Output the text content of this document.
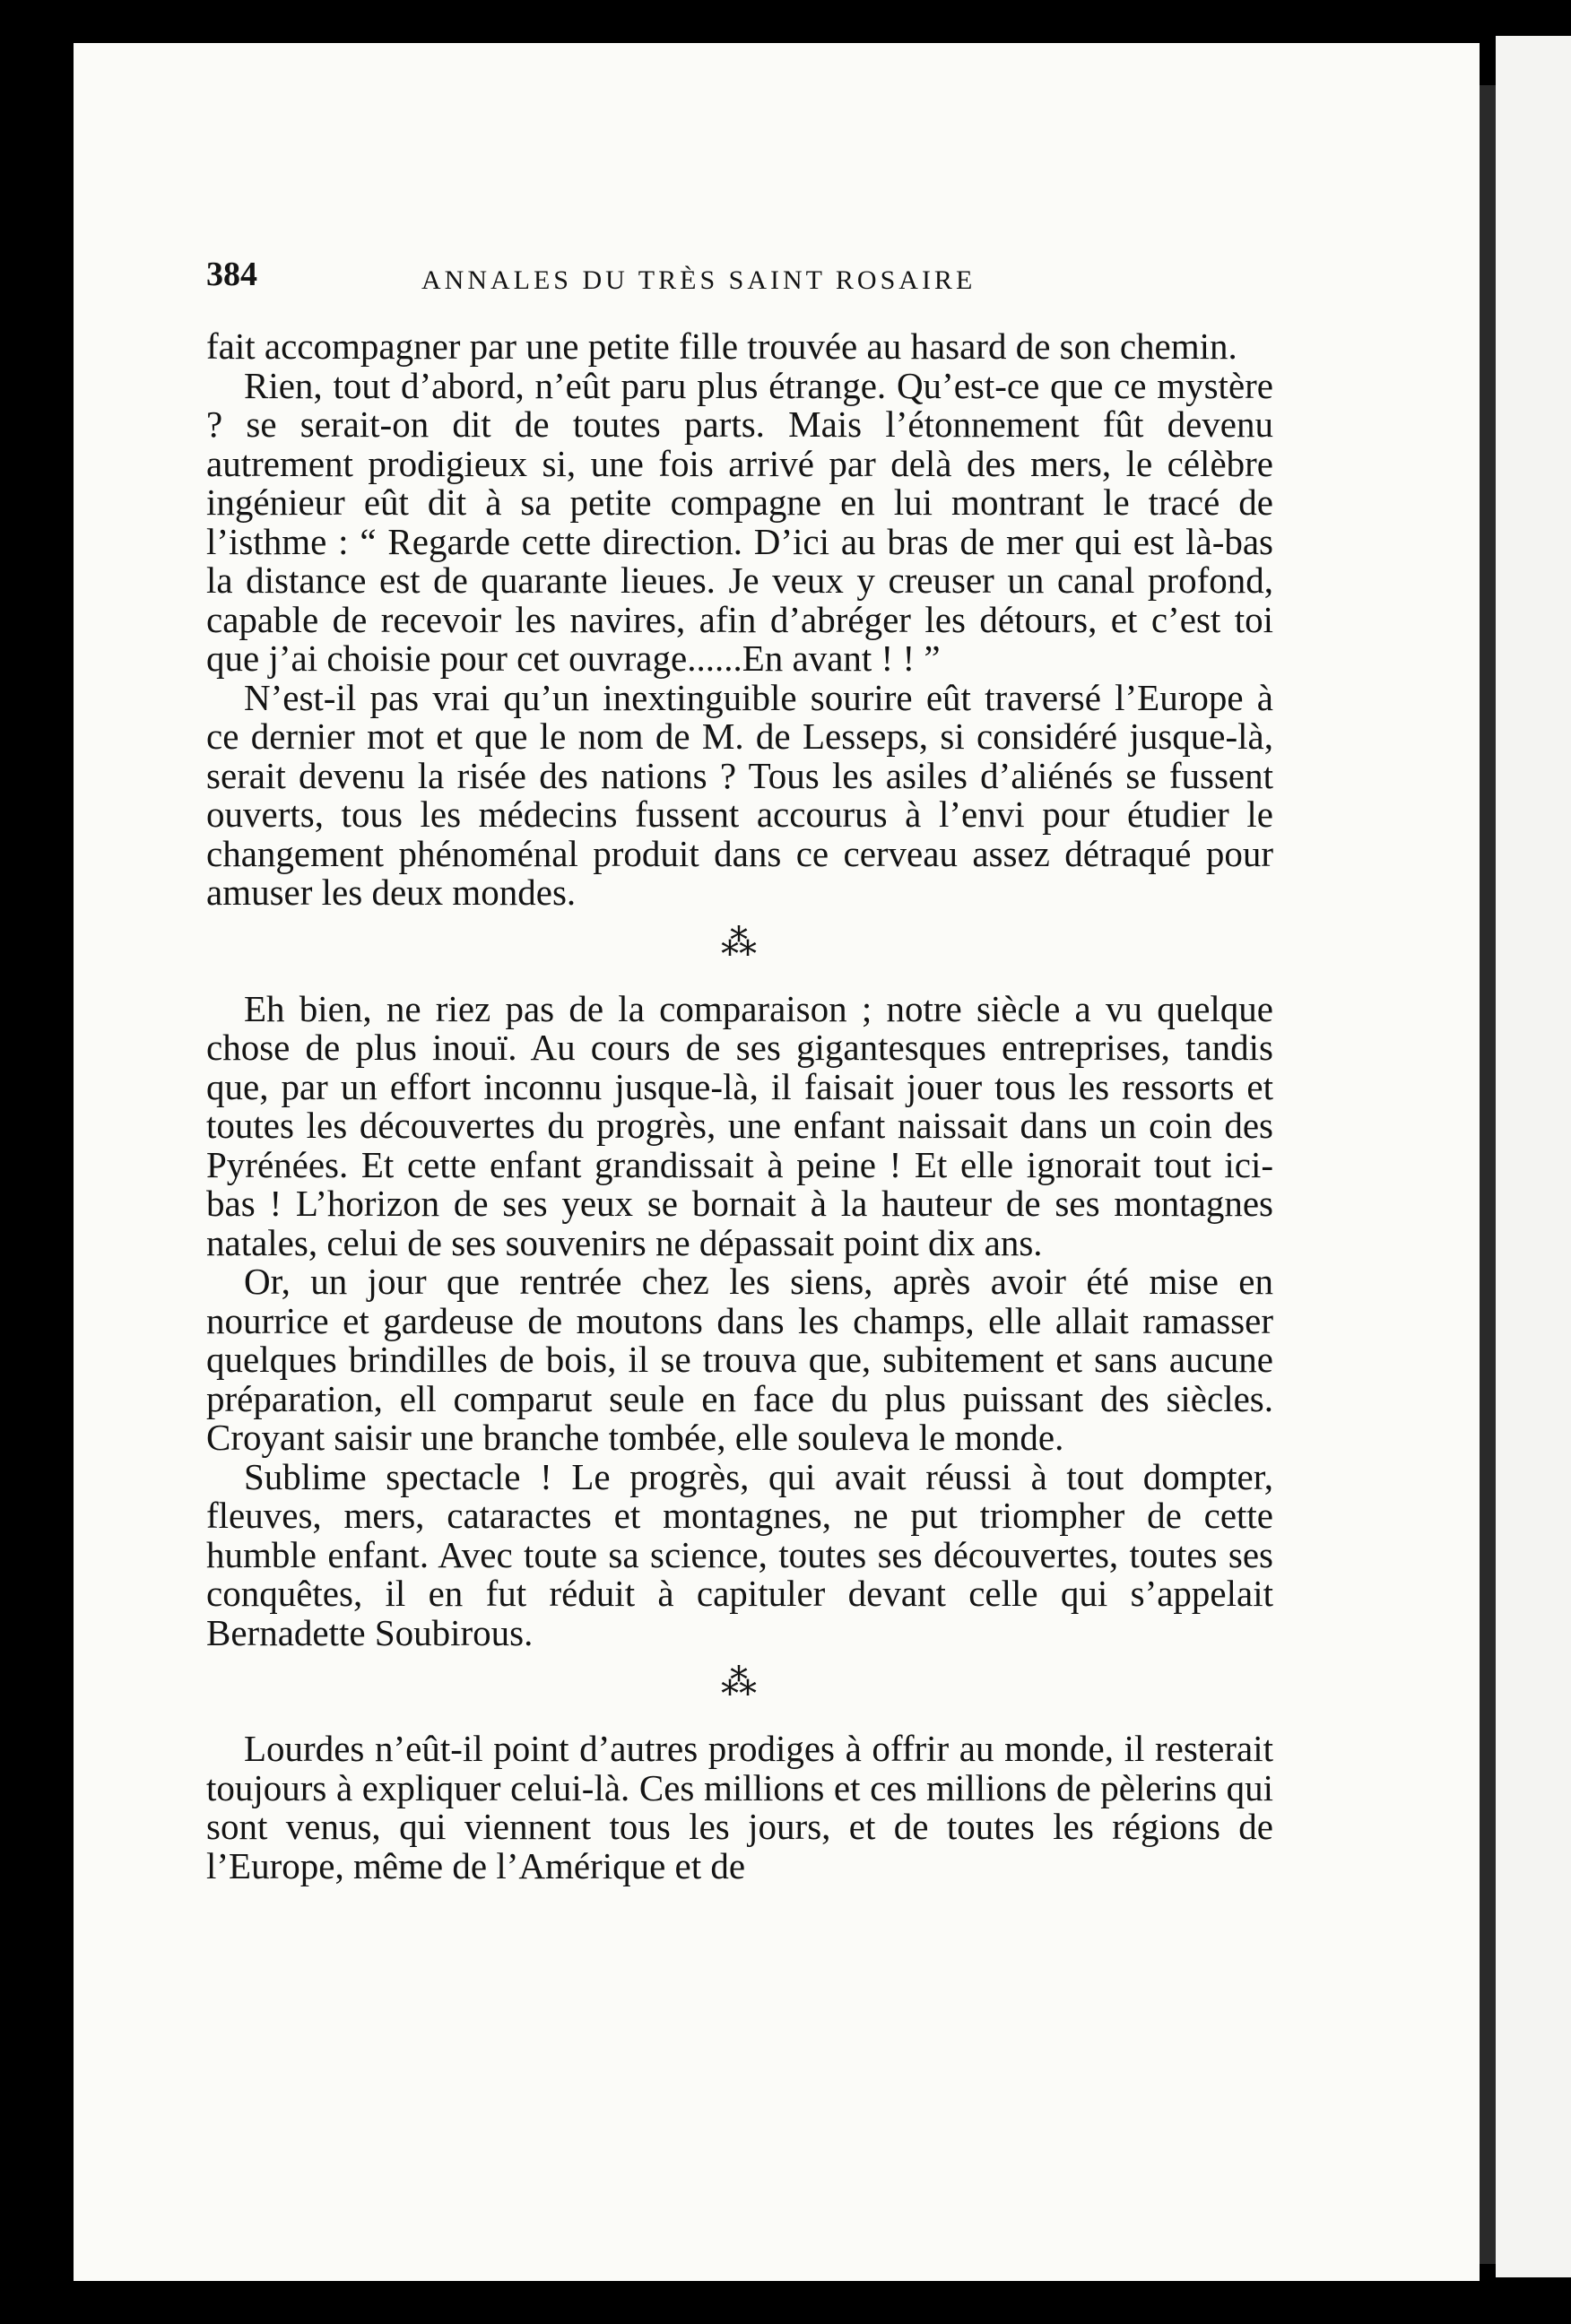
384	ANNALES DU TRÈS SAINT ROSAIRE

fait accompagner par une petite fille trouvée au hasard de son chemin.

Rien, tout d’abord, n’eût paru plus étrange. Qu’est-ce que ce mystère ? se serait-on dit de toutes parts. Mais l’étonnement fût devenu autrement prodigieux si, une fois arrivé par delà des mers, le célèbre ingénieur eût dit à sa petite compagne en lui montrant le tracé de l’isthme : “ Regarde cette direction. D’ici au bras de mer qui est là-bas la distance est de quarante lieues. Je veux y creuser un canal profond, capable de recevoir les navires, afin d’abréger les détours, et c’est toi que j’ai choisie pour cet ouvrage......En avant ! ! ”

N’est-il pas vrai qu’un inextinguible sourire eût traversé l’Europe à ce dernier mot et que le nom de M. de Lesseps, si considéré jusque-là, serait devenu la risée des nations ? Tous les asiles d’aliénés se fussent ouverts, tous les médecins fussent accourus à l’envi pour étudier le changement phénoménal produit dans ce cerveau assez détraqué pour amuser les deux mondes.

⁂

Eh bien, ne riez pas de la comparaison ; notre siècle a vu quelque chose de plus inouï. Au cours de ses gigantesques entreprises, tandis que, par un effort inconnu jusque-là, il faisait jouer tous les ressorts et toutes les découvertes du progrès, une enfant naissait dans un coin des Pyrénées. Et cette enfant grandissait à peine ! Et elle ignorait tout ici-bas ! L’horizon de ses yeux se bornait à la hauteur de ses montagnes natales, celui de ses souvenirs ne dépassait point dix ans.

Or, un jour que rentrée chez les siens, après avoir été mise en nourrice et gardeuse de moutons dans les champs, elle allait ramasser quelques brindilles de bois, il se trouva que, subitement et sans aucune préparation, ell comparut seule en face du plus puissant des siècles. Croyant saisir une branche tombée, elle souleva le monde.

Sublime spectacle ! Le progrès, qui avait réussi à tout dompter, fleuves, mers, cataractes et montagnes, ne put triompher de cette humble enfant. Avec toute sa science, toutes ses découvertes, toutes ses conquêtes, il en fut réduit à capituler devant celle qui s’appelait Bernadette Soubirous.

⁂

Lourdes n’eût-il point d’autres prodiges à offrir au monde, il resterait toujours à expliquer celui-là. Ces millions et ces millions de pèlerins qui sont venus, qui viennent tous les jours, et de toutes les régions de l’Europe, même de l’Amérique et de
